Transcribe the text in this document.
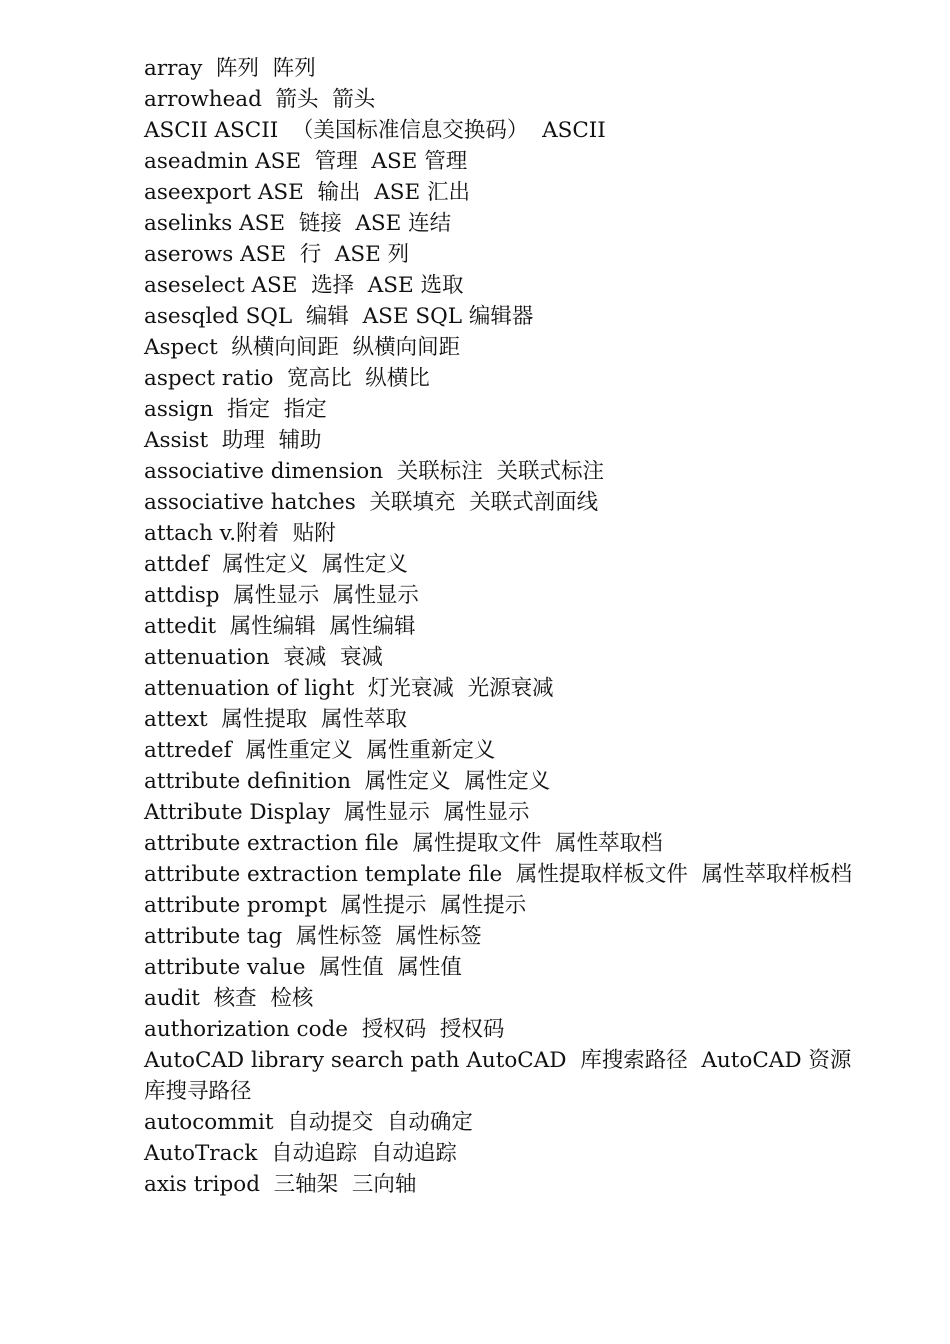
array 阵列 阵列
arrowhead 箭头 箭头
ASCII ASCII （美国标准信息交换码） ASCII
aseadmin ASE 管理 ASE 管理
aseexport ASE 输出 ASE 汇出
aselinks ASE 链接 ASE 连结
aserows ASE 行 ASE 列
aseselect ASE 选择 ASE 选取
asesqled SQL 编辑 ASE SQL 编辑器
Aspect 纵横向间距 纵横向间距
aspect ratio 宽高比 纵横比
assign 指定 指定
Assist 助理 辅助
associative dimension 关联标注 关联式标注
associative hatches 关联填充 关联式剖面线
attach v.附着 贴附
attdef 属性定义 属性定义
attdisp 属性显示 属性显示
attedit 属性编辑 属性编辑
attenuation 衰减 衰减
attenuation of light 灯光衰减 光源衰减
attext 属性提取 属性萃取
attredef 属性重定义 属性重新定义
attribute definition 属性定义 属性定义
Attribute Display 属性显示 属性显示
attribute extraction file 属性提取文件 属性萃取档
attribute extraction template file 属性提取样板文件 属性萃取样板档
attribute prompt 属性提示 属性提示
attribute tag 属性标签 属性标签
attribute value 属性值 属性值
audit 核查 检核
authorization code 授权码 授权码
AutoCAD library search path AutoCAD 库搜索路径 AutoCAD 资源库搜寻路径
autocommit 自动提交 自动确定
AutoTrack 自动追踪 自动追踪
axis tripod 三轴架 三向轴
